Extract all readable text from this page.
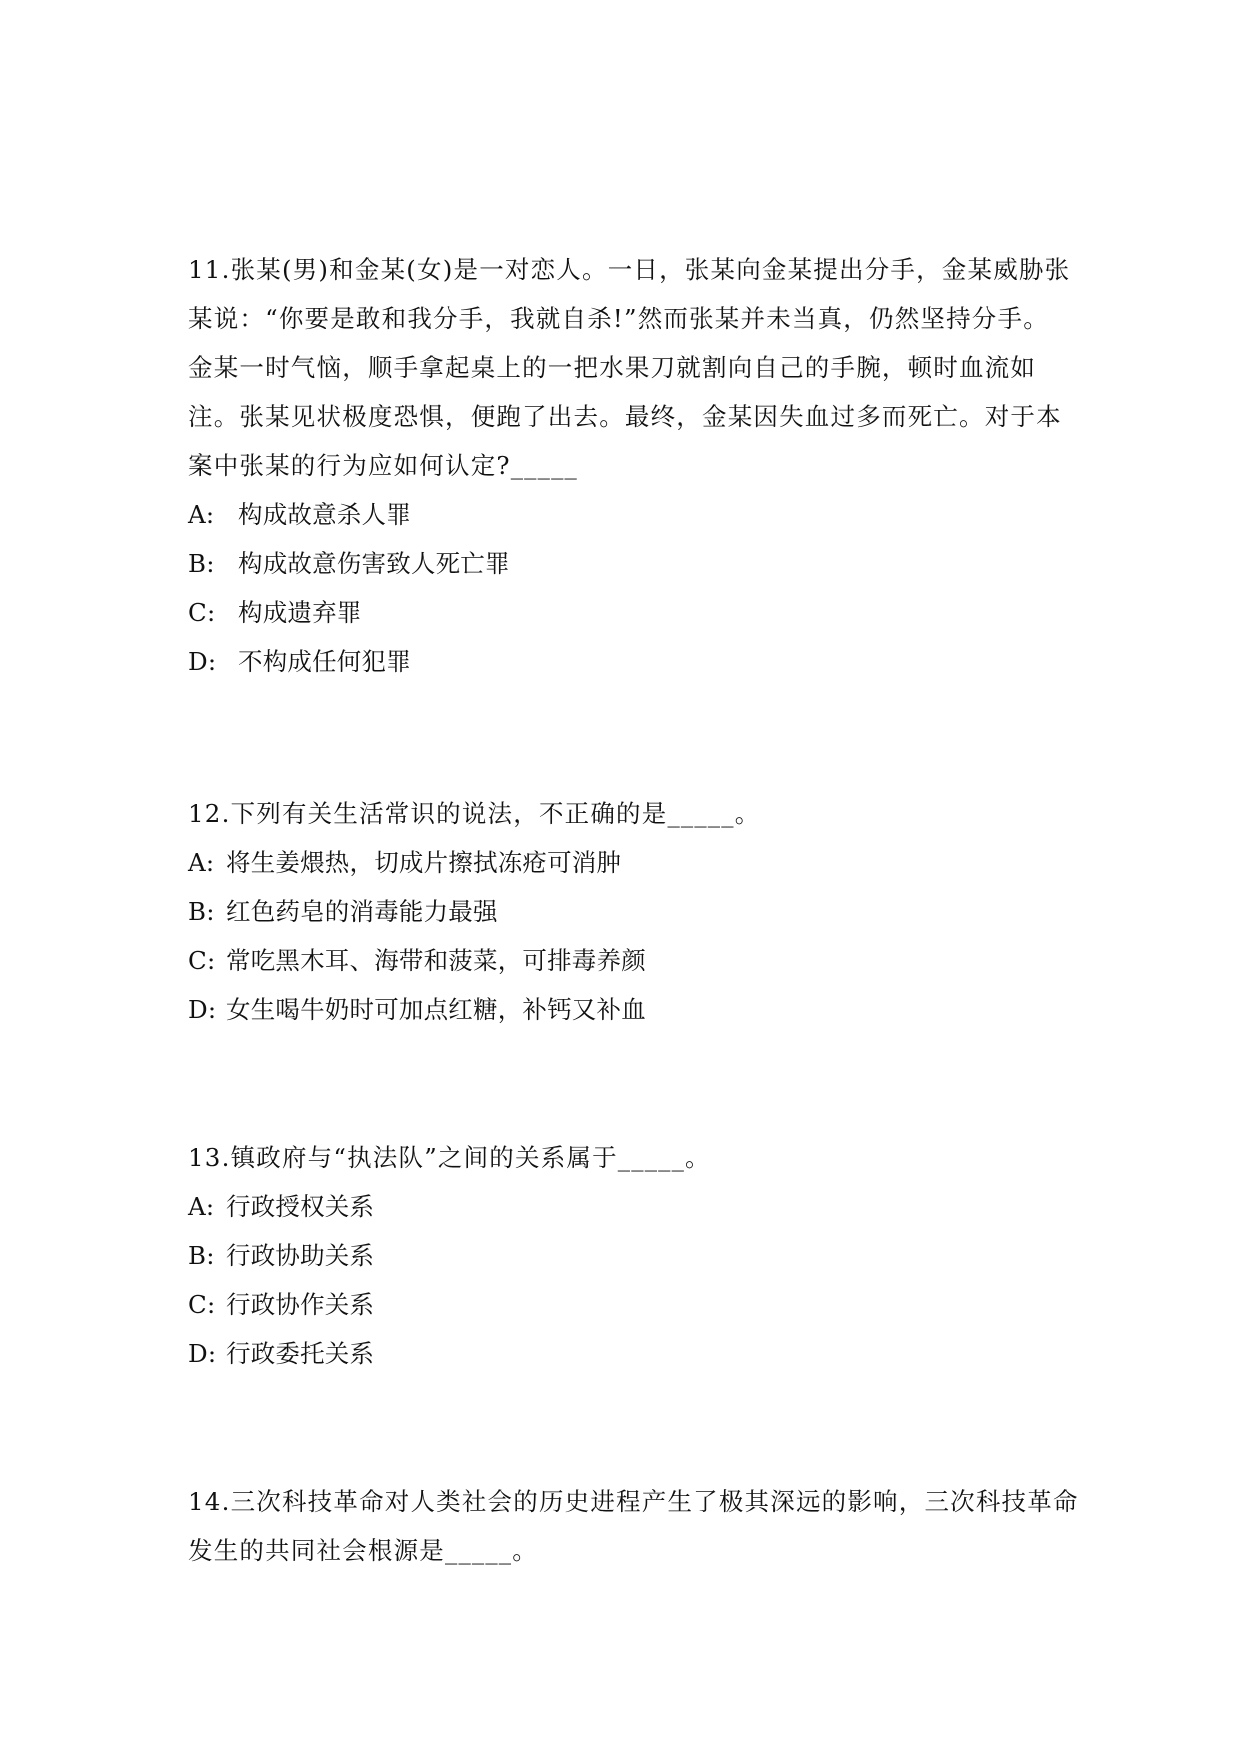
11.张某(男)和金某(女)是一对恋人。一日，张某向金某提出分手，金某威胁张
某说：“你要是敢和我分手，我就自杀!”然而张某并未当真，仍然坚持分手。
金某一时气恼，顺手拿起桌上的一把水果刀就割向自己的手腕，顿时血流如
注。张某见状极度恐惧，便跑了出去。最终，金某因失血过多而死亡。对于本
案中张某的行为应如何认定?_____
A: 构成故意杀人罪
B: 构成故意伤害致人死亡罪
C: 构成遗弃罪
D: 不构成任何犯罪
12.下列有关生活常识的说法，不正确的是_____。
A: 将生姜煨热，切成片擦拭冻疮可消肿
B: 红色药皂的消毒能力最强
C: 常吃黑木耳、海带和菠菜，可排毒养颜
D: 女生喝牛奶时可加点红糖，补钙又补血
13.镇政府与“执法队”之间的关系属于_____。
A: 行政授权关系
B: 行政协助关系
C: 行政协作关系
D: 行政委托关系
14.三次科技革命对人类社会的历史进程产生了极其深远的影响，三次科技革命
发生的共同社会根源是_____。
